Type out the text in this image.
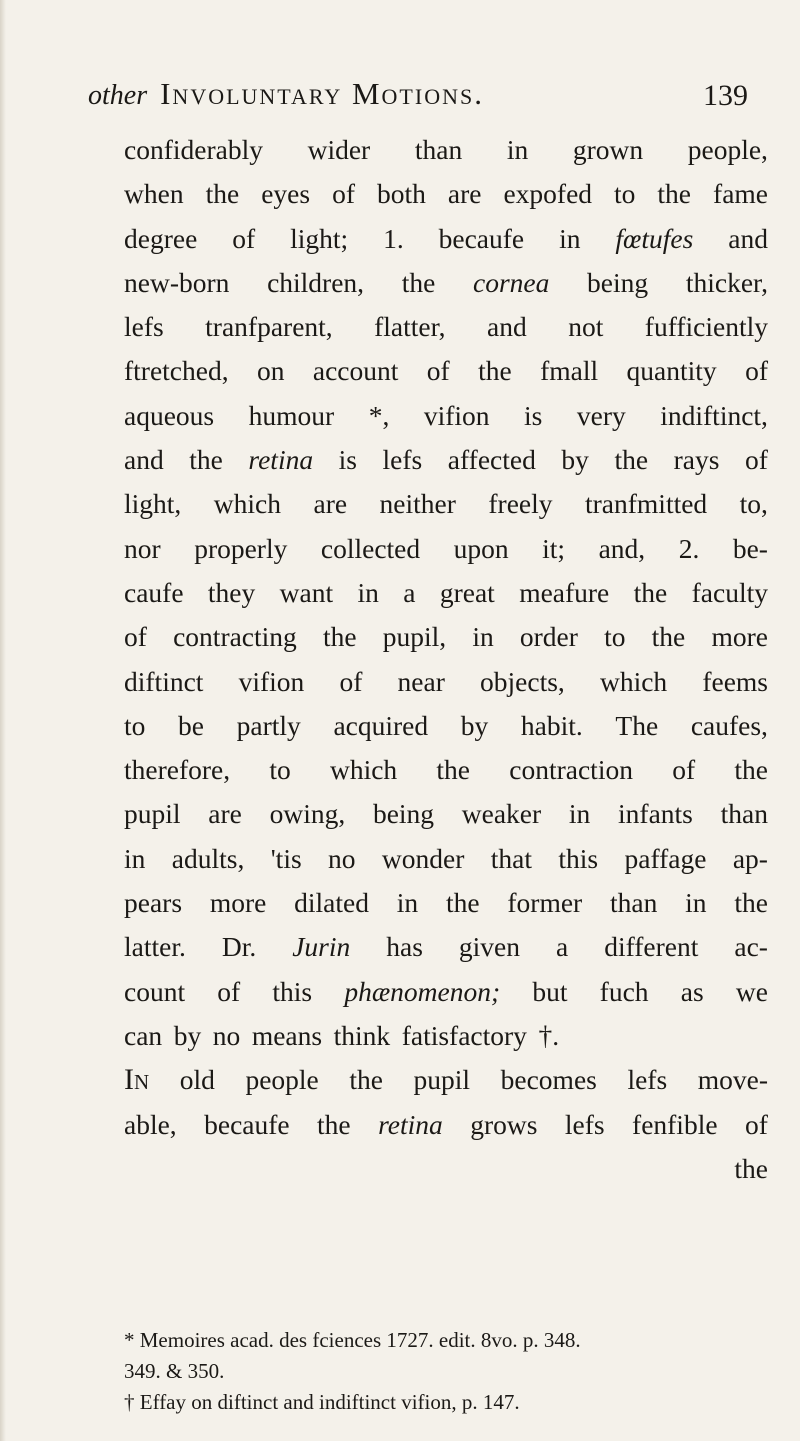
other Involuntary Motions.	139
confiderably wider than in grown people,
when the eyes of both are expofed to the fame
degree of light; 1. becaufe in fœtufes and
new-born children, the cornea being thicker,
lefs tranfparent, flatter, and not fufficiently
ftretched, on account of the fmall quantity of
aqueous humour *, vifion is very indiftinct,
and the retina is lefs affected by the rays of
light, which are neither freely tranfmitted to,
nor properly collected upon it; and, 2. be-
caufe they want in a great meafure the faculty
of contracting the pupil, in order to the more
diftinct vifion of near objects, which feems
to be partly acquired by habit. The caufes,
therefore, to which the contraction of the
pupil are owing, being weaker in infants than
in adults, 'tis no wonder that this paffage ap-
pears more dilated in the former than in the
latter. Dr. Jurin has given a different ac-
count of this phænomenon; but fuch as we
can by no means think fatisfactory †.
In old people the pupil becomes lefs move-
able, becaufe the retina grows lefs fenfible of
the
* Memoires acad. des fciences 1727. edit. 8vo. p. 348.
349. & 350.
† Effay on diftinct and indiftinct vifion, p. 147.
